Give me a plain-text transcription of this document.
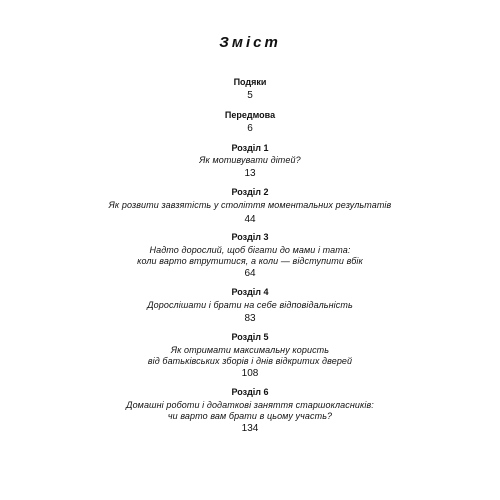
Зміст
Подяки
5
Передмова
6
Розділ 1
Як мотивувати дітей?
13
Розділ 2
Як розвити завзятість у століття моментальних результатів
44
Розділ 3
Надто дорослий, щоб бігати до мами і тата:
коли варто втрутитися, а коли — відступити вбік
64
Розділ 4
Дорослішати і брати на себе відповідальність
83
Розділ 5
Як отримати максимальну користь
від батьківських зборів і днів відкритих дверей
108
Розділ 6
Домашні роботи і додаткові заняття старшокласників:
чи варто вам брати в цьому участь?
134
